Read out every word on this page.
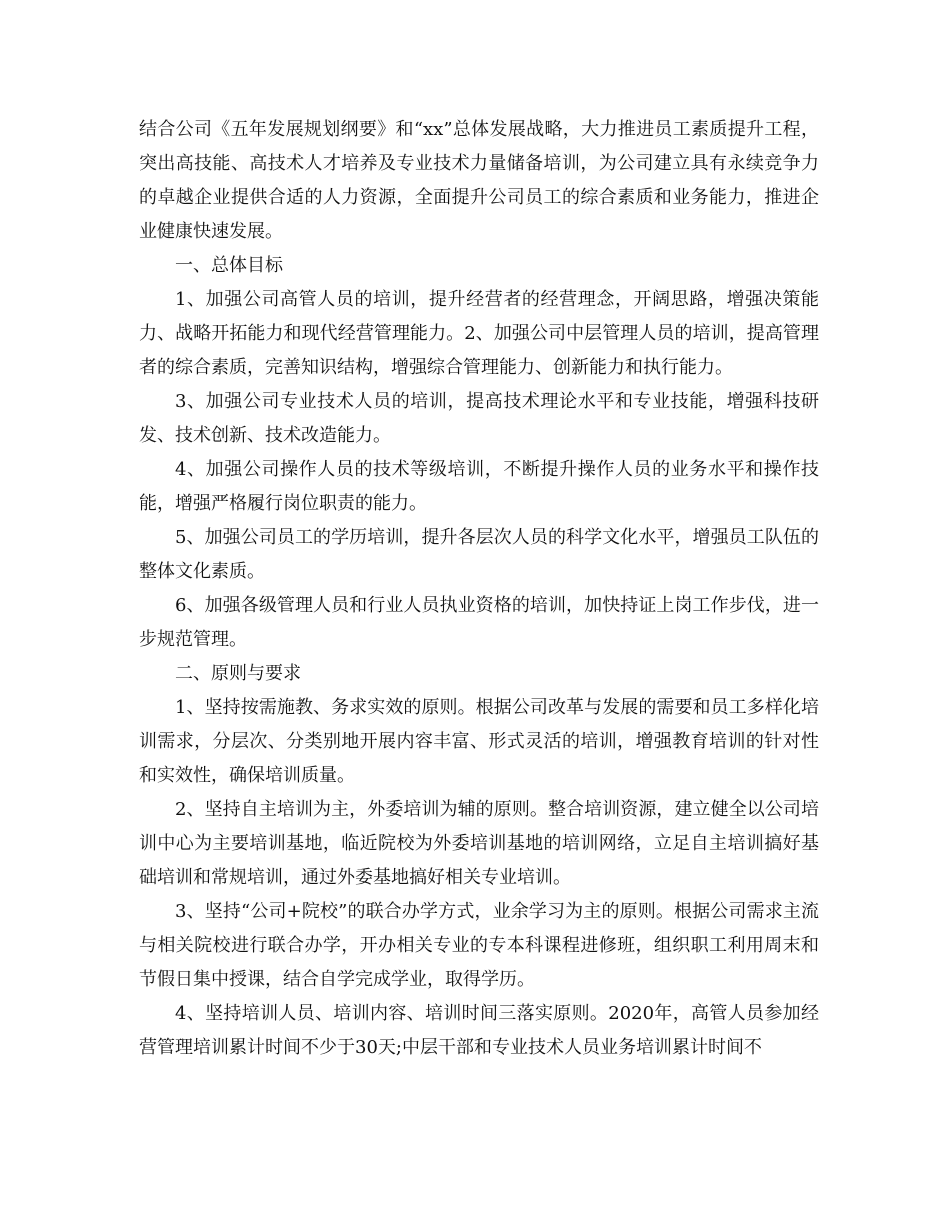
结合公司《五年发展规划纲要》和“xx”总体发展战略，大力推进员工素质提升工程，突出高技能、高技术人才培养及专业技术力量储备培训，为公司建立具有永续竞争力的卓越企业提供合适的人力资源，全面提升公司员工的综合素质和业务能力，推进企业健康快速发展。

一、总体目标

1、加强公司高管人员的培训，提升经营者的经营理念，开阔思路，增强决策能力、战略开拓能力和现代经营管理能力。2、加强公司中层管理人员的培训，提高管理者的综合素质，完善知识结构，增强综合管理能力、创新能力和执行能力。

3、加强公司专业技术人员的培训，提高技术理论水平和专业技能，增强科技研发、技术创新、技术改造能力。

4、加强公司操作人员的技术等级培训，不断提升操作人员的业务水平和操作技能，增强严格履行岗位职责的能力。

5、加强公司员工的学历培训，提升各层次人员的科学文化水平，增强员工队伍的整体文化素质。

6、加强各级管理人员和行业人员执业资格的培训，加快持证上岗工作步伐，进一步规范管理。

二、原则与要求

1、坚持按需施教、务求实效的原则。根据公司改革与发展的需要和员工多样化培训需求，分层次、分类别地开展内容丰富、形式灵活的培训，增强教育培训的针对性和实效性，确保培训质量。

2、坚持自主培训为主，外委培训为辅的原则。整合培训资源，建立健全以公司培训中心为主要培训基地，临近院校为外委培训基地的培训网络，立足自主培训搞好基础培训和常规培训，通过外委基地搞好相关专业培训。

3、坚持“公司+院校”的联合办学方式，业余学习为主的原则。根据公司需求主流与相关院校进行联合办学，开办相关专业的专本科课程进修班，组织职工利用周末和节假日集中授课，结合自学完成学业，取得学历。

4、坚持培训人员、培训内容、培训时间三落实原则。2020年，高管人员参加经营管理培训累计时间不少于30天;中层干部和专业技术人员业务培训累计时间不
